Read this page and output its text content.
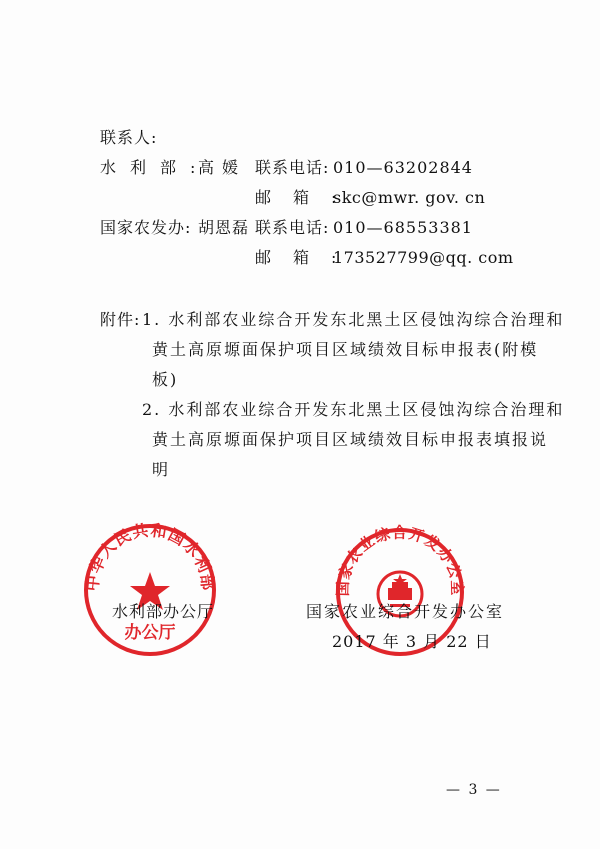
联系人:
水利部:
高媛 联系电话: 010—63202844
邮箱:
skc@mwr. gov. cn
国家农发办: 胡恩磊 联系电话: 010—68553381
邮箱:
173527799@qq. com
附件: 1. 水利部农业综合开发东北黑土区侵蚀沟综合治理和
黄土高原塬面保护项目区域绩效目标申报表(附模
板)
2. 水利部农业综合开发东北黑土区侵蚀沟综合治理和
黄土高原塬面保护项目区域绩效目标申报表填报说
明
中华人民共和国水利部
办公厅
国家农业综合开发办公室
水利部办公厅	国家农业综合开发办公室
2017 年 3 月 22 日
— 3 —
